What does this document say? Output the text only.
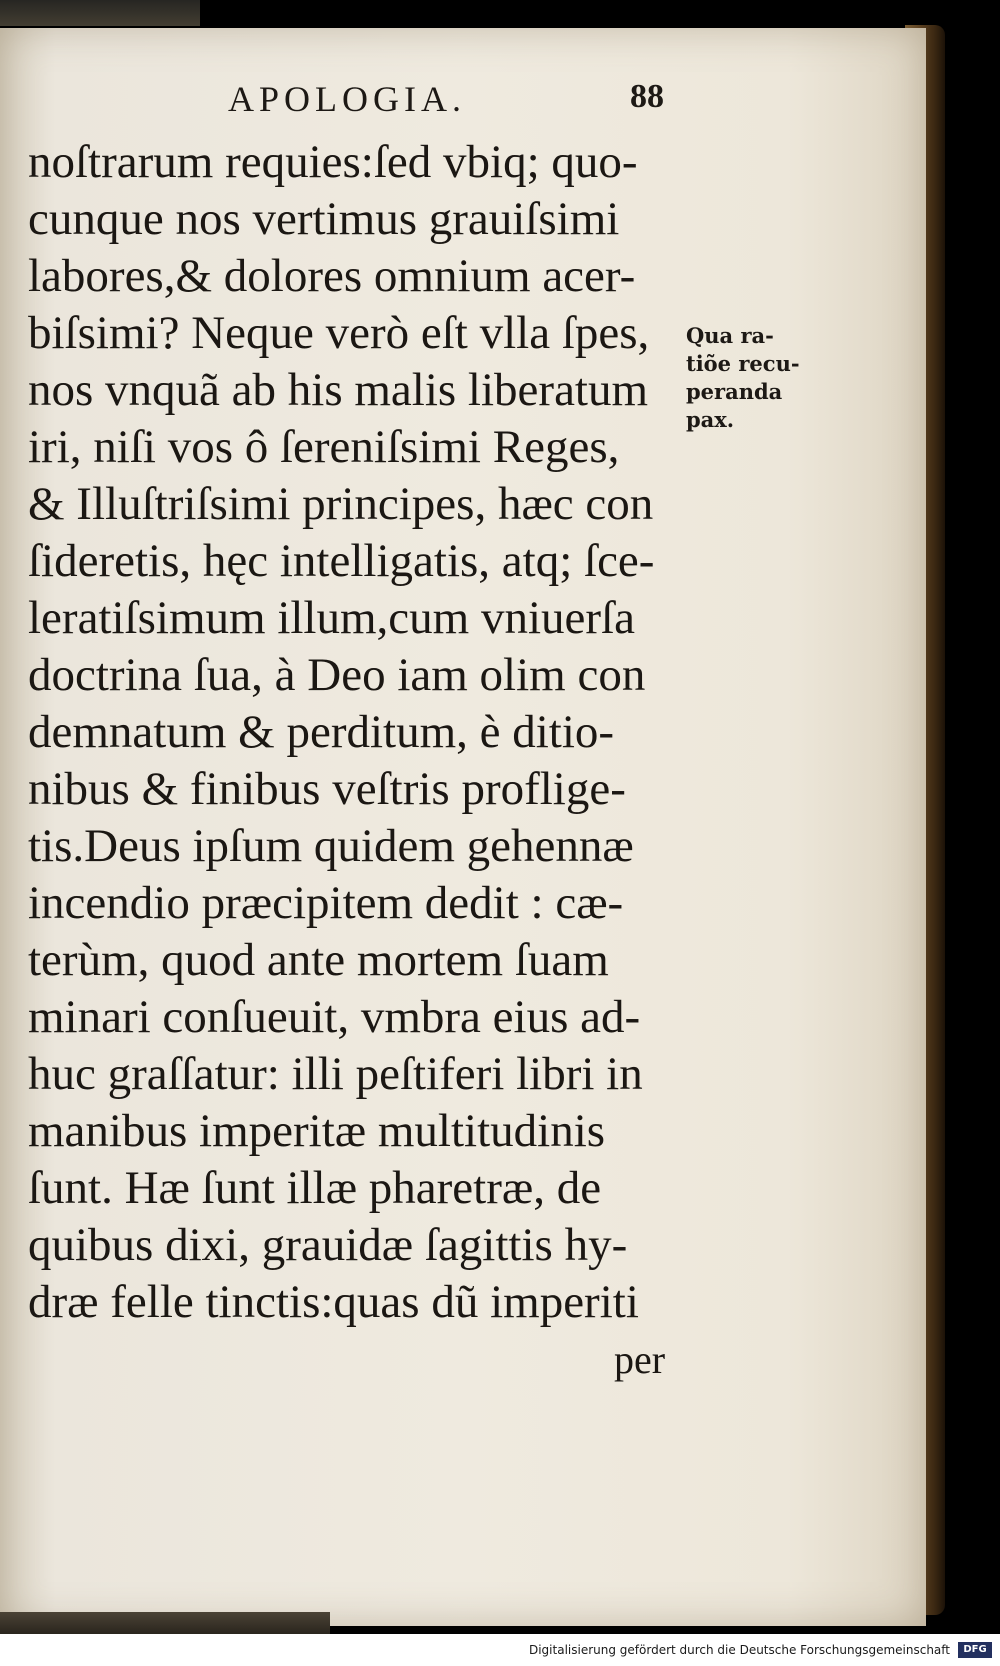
APOLOGIA.	88
noſtrarum requies:ſed vbiq; quo-
cunque nos vertimus grauiſsimi
labores,& dolores omnium acer-
biſsimi? Neque verò eſt vlla ſpes,
nos vnquã ab his malis liberatum
iri, niſi vos ô ſereniſsimi Reges,
& Illuſtriſsimi principes, hæc con
ſideretis, hęc intelligatis, atq; ſce-
leratiſsimum illum,cum vniuerſa
doctrina ſua, à Deo iam olim con
demnatum & perditum, è ditio-
nibus & finibus veſtris proflige-
tis.Deus ipſum quidem gehennæ
incendio præcipitem dedit : cæ-
terùm, quod ante mortem ſuam
minari conſueuit, vmbra eius ad-
huc graſſatur: illi peſtiferi libri in
manibus imperitæ multitudinis
ſunt. Hæ ſunt illæ pharetræ, de
quibus dixi, grauidæ ſagittis hy-
dræ felle tinctis:quas dũ imperiti
per
Qua ra-
tiõe recu-
peranda
pax.
Digitalisierung gefördert durch die Deutsche Forschungsgemeinschaft	DFG
